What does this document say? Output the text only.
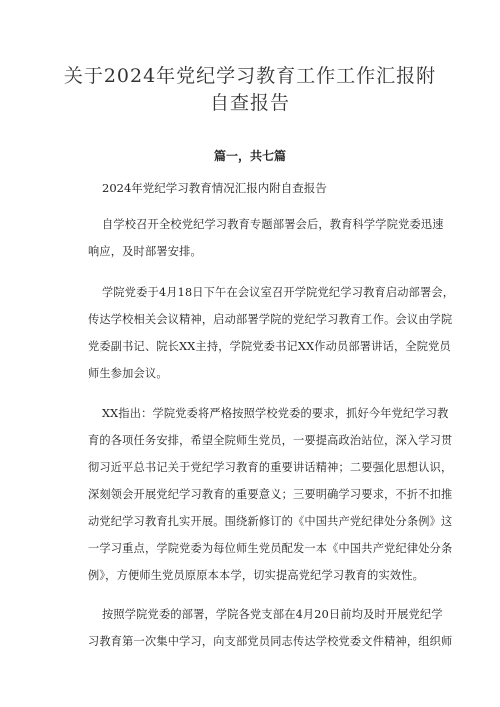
关于2024年党纪学习教育工作工作汇报附
自查报告
篇一，共七篇
2024年党纪学习教育情况汇报内附自查报告
自学校召开全校党纪学习教育专题部署会后，教育科学学院党委迅速
响应，及时部署安排。
学院党委于4月18日下午在会议室召开学院党纪学习教育启动部署会，
传达学校相关会议精神，启动部署学院的党纪学习教育工作。会议由学院
党委副书记、院长XX主持，学院党委书记XX作动员部署讲话，全院党员
师生参加会议。
XX指出：学院党委将严格按照学校党委的要求，抓好今年党纪学习教
育的各项任务安排，希望全院师生党员，一要提高政治站位，深入学习贯
彻习近平总书记关于党纪学习教育的重要讲话精神；二要强化思想认识，
深刻领会开展党纪学习教育的重要意义；三要明确学习要求，不折不扣推
动党纪学习教育扎实开展。围绕新修订的《中国共产党纪律处分条例》这
一学习重点，学院党委为每位师生党员配发一本《中国共产党纪律处分条
例》，方便师生党员原原本本学，切实提高党纪学习教育的实效性。
按照学院党委的部署，学院各党支部在4月20日前均及时开展党纪学
习教育第一次集中学习，向支部党员同志传达学校党委文件精神，组织师
